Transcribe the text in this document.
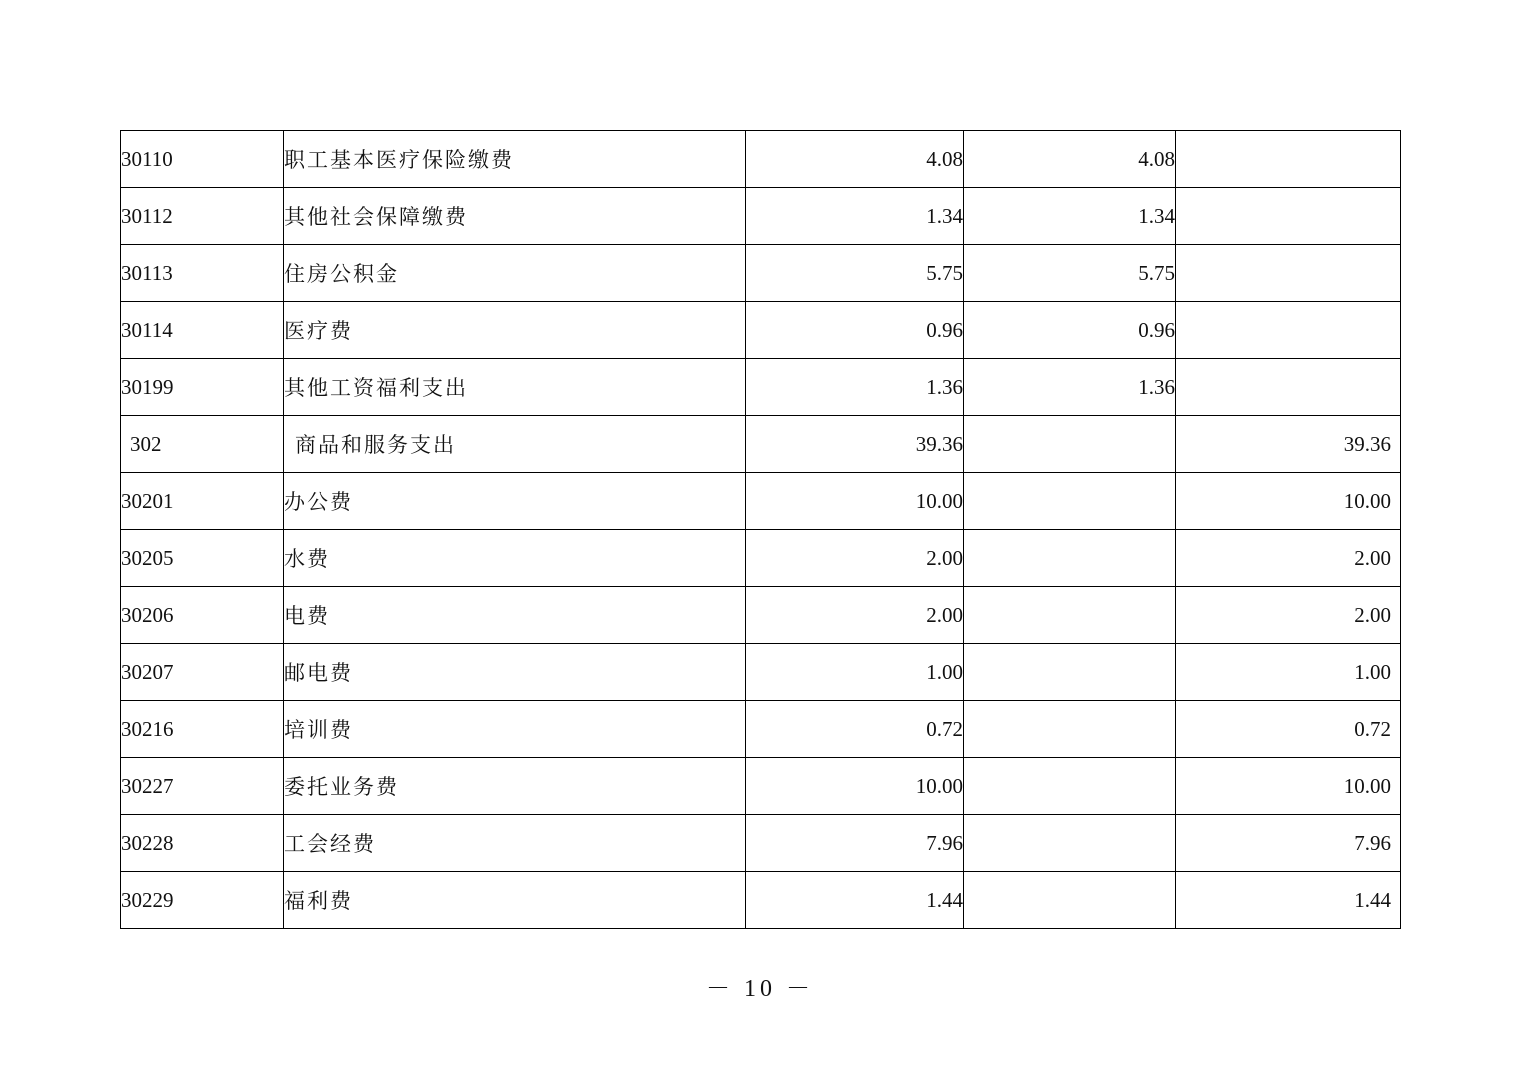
30110	职工基本医疗保险缴费	4.08	4.08	
30112	其他社会保障缴费	1.34	1.34	
30113	住房公积金	5.75	5.75	
30114	医疗费	0.96	0.96	
30199	其他工资福利支出	1.36	1.36	
302	商品和服务支出	39.36		39.36
30201	办公费	10.00		10.00
30205	水费	2.00		2.00
30206	电费	2.00		2.00
30207	邮电费	1.00		1.00
30216	培训费	0.72		0.72
30227	委托业务费	10.00		10.00
30228	工会经费	7.96		7.96
30229	福利费	1.44		1.44
－ 10 －
